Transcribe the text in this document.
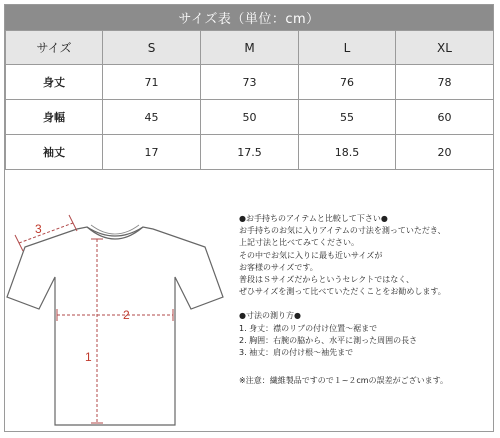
サイズ表（単位：cm）
サイズ	S	M	L	XL
身丈	71	73	76	78
身幅	45	50	55	60
袖丈	17	17.5	18.5	20
1
2
3
●お手持ちのアイテムと比較して下さい●
お手持ちのお気に入りアイテムの寸法を測っていただき、
上記寸法と比べてみてください。
その中でお気に入りに最も近いサイズが
お客様のサイズです。
普段はＳサイズだからというセレクトではなく、
ぜひサイズを測って比べていただくことをお勧めします。
●寸法の測り方●
1. 身丈：襟のリブの付け位置～裾まで
2. 胸囲：右腕の脇から、水平に測った周囲の長さ
3. 袖丈：肩の付け根～袖先まで
※注意：繊維製品ですので１~２cmの誤差がございます。
